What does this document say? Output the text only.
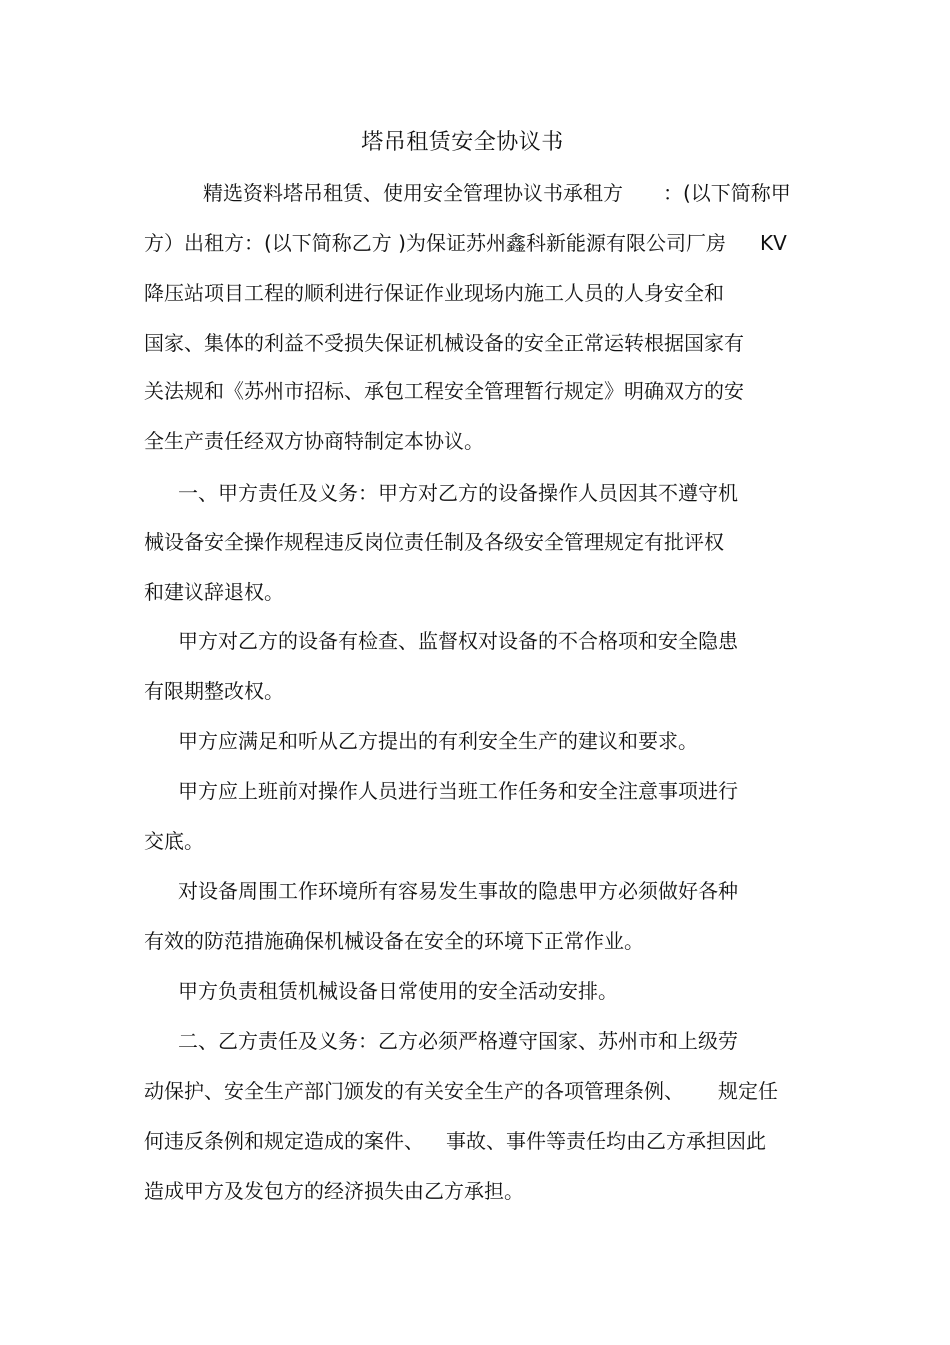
塔吊租赁安全协议书
精选资料塔吊租赁、使用安全管理协议书承租方 ：(以下简称甲
方）出租方：(以下简称乙方 )为保证苏州鑫科新能源有限公司厂房 KV
降压站项目工程的顺利进行保证作业现场内施工人员的人身安全和
国家、集体的利益不受损失保证机械设备的安全正常运转根据国家有
关法规和《苏州市招标、承包工程安全管理暂行规定》明确双方的安
全生产责任经双方协商特制定本协议。
一、甲方责任及义务：甲方对乙方的设备操作人员因其不遵守机
械设备安全操作规程违反岗位责任制及各级安全管理规定有批评权
和建议辞退权。
甲方对乙方的设备有检查、监督权对设备的不合格项和安全隐患
有限期整改权。
甲方应满足和听从乙方提出的有利安全生产的建议和要求。
甲方应上班前对操作人员进行当班工作任务和安全注意事项进行
交底。
对设备周围工作环境所有容易发生事故的隐患甲方必须做好各种
有效的防范措施确保机械设备在安全的环境下正常作业。
甲方负责租赁机械设备日常使用的安全活动安排。
二、乙方责任及义务：乙方必须严格遵守国家、苏州市和上级劳
动保护、安全生产部门颁发的有关安全生产的各项管理条例、 规定任
何违反条例和规定造成的案件、 事故、事件等责任均由乙方承担因此
造成甲方及发包方的经济损失由乙方承担。
